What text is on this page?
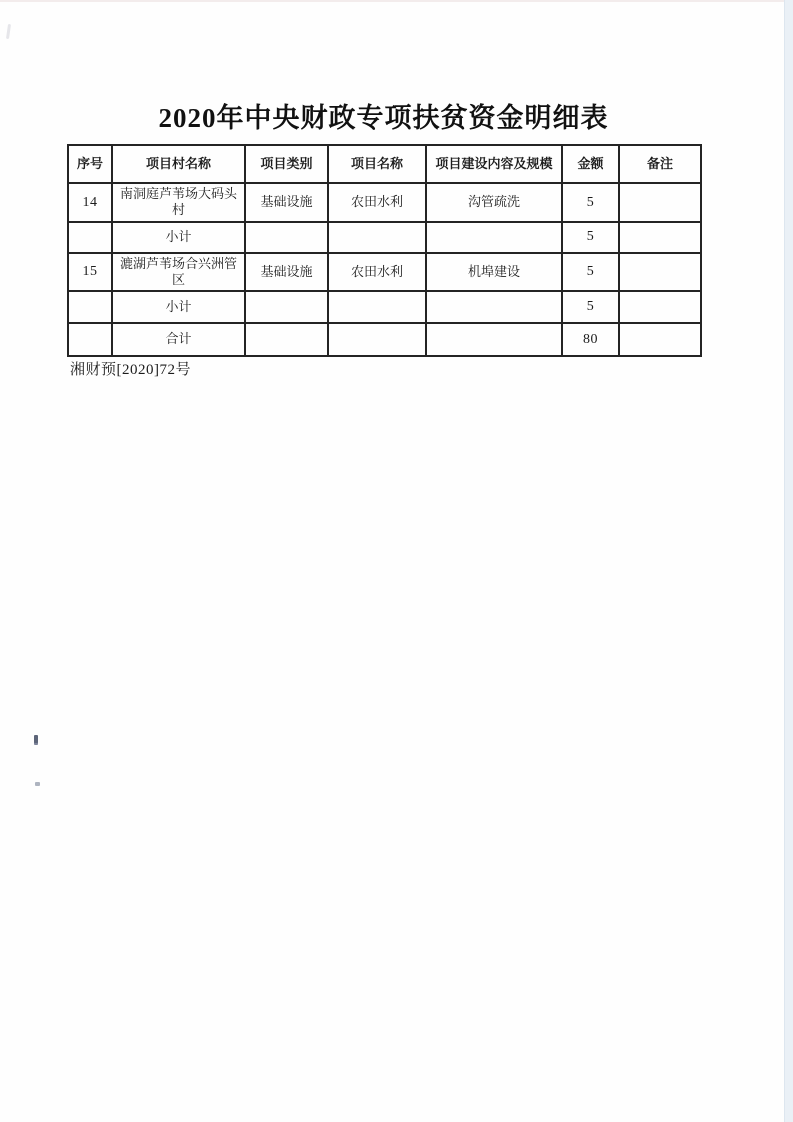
2020年中央财政专项扶贫资金明细表
序号	项目村名称	项目类别	项目名称	项目建设内容及规模	金额	备注
14	南洞庭芦苇场大码头村	基础设施	农田水利	沟管疏洗	5	
	小计				5	
15	漉湖芦苇场合兴洲管区	基础设施	农田水利	机埠建设	5	
	小计				5	
	合计				80	
湘财预[2020]72号
